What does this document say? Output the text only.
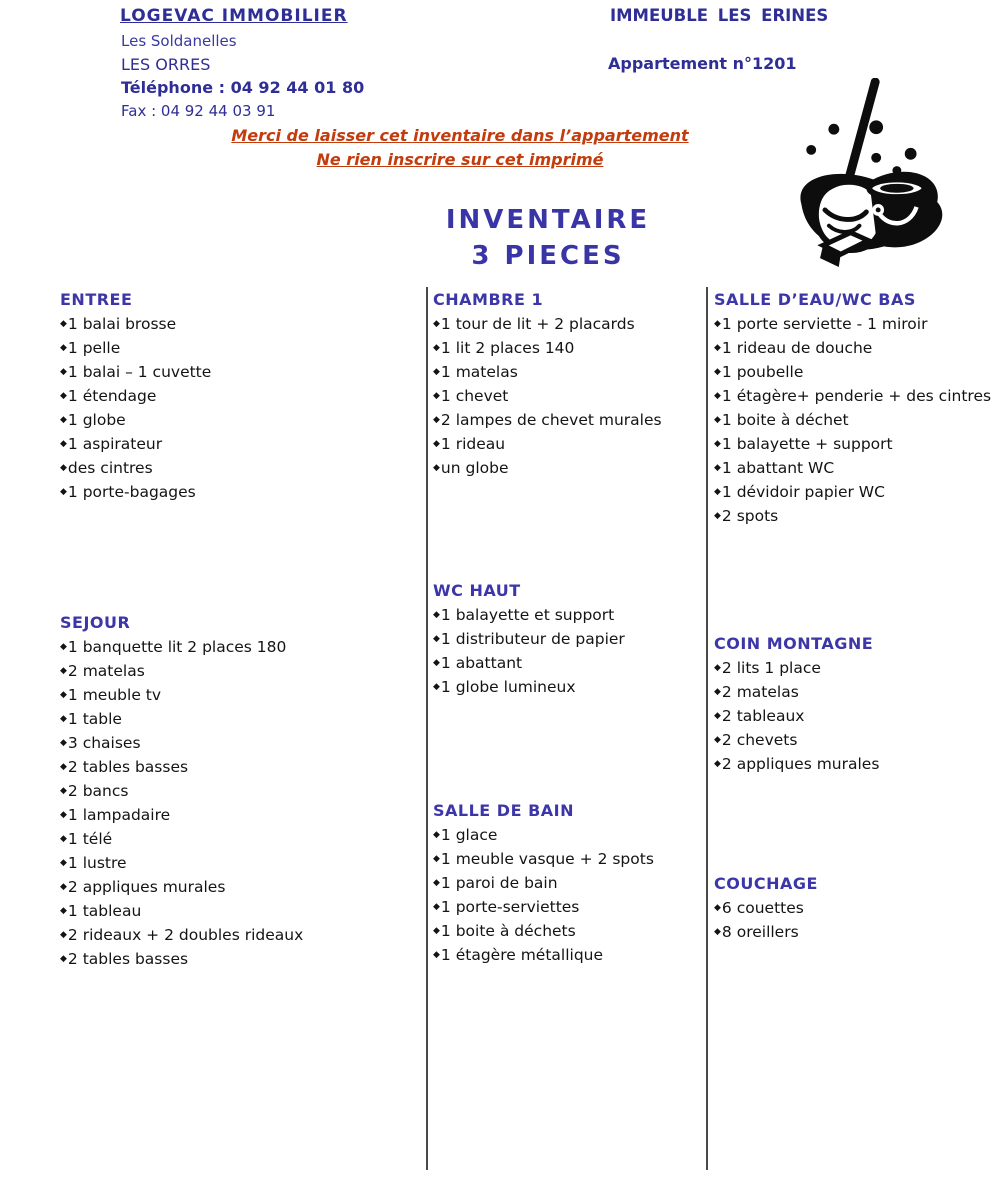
LOGEVAC IMMOBILIER
Les Soldanelles
LES ORRES
Téléphone : 04 92 44 01 80
Fax : 04 92 44 03 91
IMMEUBLE LES ERINES
Appartement n°1201
Merci de laisser cet inventaire dans l’appartement
Ne rien inscrire sur cet imprimé
INVENTAIRE
3 PIECES
ENTREE
◆ 1 balai brosse
◆ 1 pelle
◆ 1 balai – 1 cuvette
◆ 1 étendage
◆ 1 globe
◆ 1 aspirateur
◆ des cintres
◆ 1 porte-bagages
SEJOUR
◆ 1 banquette lit 2 places 180
◆ 2 matelas
◆ 1 meuble tv
◆ 1 table
◆ 3 chaises
◆ 2 tables basses
◆ 2 bancs
◆ 1 lampadaire
◆ 1 télé
◆ 1 lustre
◆ 2 appliques murales
◆ 1 tableau
◆ 2 rideaux + 2 doubles rideaux
◆ 2 tables basses
CHAMBRE 1
◆ 1 tour de lit + 2 placards
◆ 1 lit 2 places 140
◆ 1 matelas
◆ 1 chevet
◆ 2 lampes de chevet murales
◆ 1 rideau
◆ un globe
WC HAUT
◆ 1 balayette et support
◆ 1 distributeur de papier
◆ 1 abattant
◆ 1 globe lumineux
SALLE DE BAIN
◆ 1 glace
◆ 1 meuble vasque + 2 spots
◆ 1 paroi de bain
◆ 1 porte-serviettes
◆ 1 boite à déchets
◆ 1 étagère métallique
SALLE D’EAU/WC BAS
◆ 1 porte serviette - 1 miroir
◆ 1 rideau de douche
◆ 1 poubelle
◆ 1 étagère+ penderie + des cintres
◆ 1 boite à déchet
◆ 1 balayette + support
◆ 1 abattant WC
◆ 1 dévidoir papier WC
◆ 2 spots
COIN MONTAGNE
◆ 2 lits 1 place
◆ 2 matelas
◆ 2 tableaux
◆ 2 chevets
◆ 2 appliques murales
COUCHAGE
◆ 6 couettes
◆ 8 oreillers
